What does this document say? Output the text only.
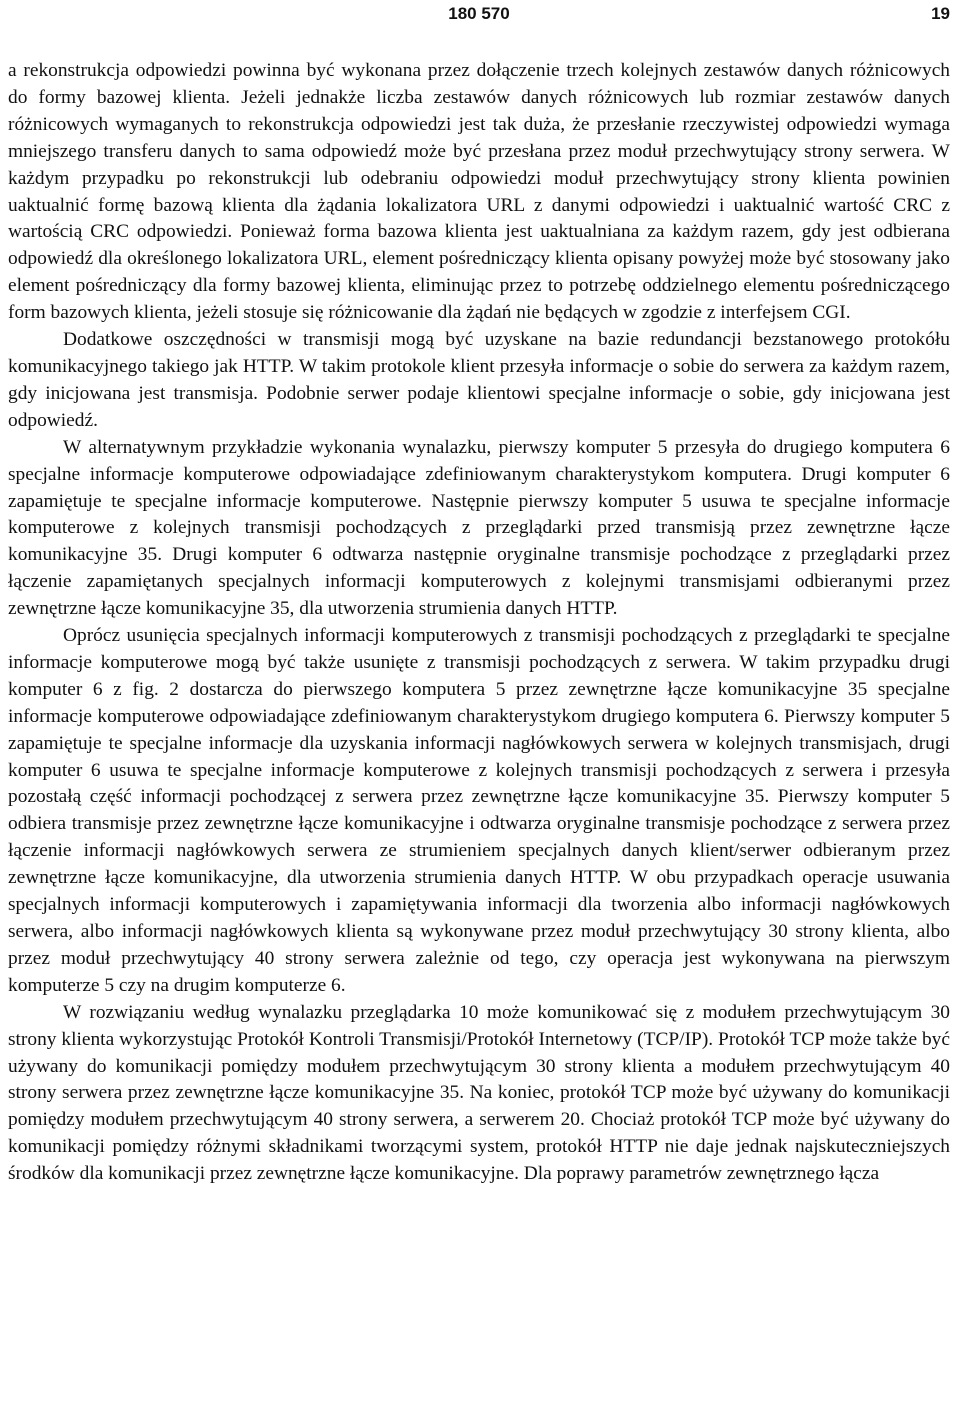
180 570	19

a rekonstrukcja odpowiedzi powinna być wykonana przez dołączenie trzech kolejnych zestawów danych różnicowych do formy bazowej klienta. Jeżeli jednakże liczba zestawów danych różnicowych lub rozmiar zestawów danych różnicowych wymaganych to rekonstrukcja odpowiedzi jest tak duża, że przesłanie rzeczywistej odpowiedzi wymaga mniejszego transferu danych to sama odpowiedź może być przesłana przez moduł przechwytujący strony serwera. W każdym przypadku po rekonstrukcji lub odebraniu odpowiedzi moduł przechwytujący strony klienta powinien uaktualnić formę bazową klienta dla żądania lokalizatora URL z danymi odpowiedzi i uaktualnić wartość CRC z wartością CRC odpowiedzi. Ponieważ forma bazowa klienta jest uaktualniana za każdym razem, gdy jest odbierana odpowiedź dla określonego lokalizatora URL, element pośredniczący klienta opisany powyżej może być stosowany jako element pośredniczący dla formy bazowej klienta, eliminując przez to potrzebę oddzielnego elementu pośredniczącego form bazowych klienta, jeżeli stosuje się różnicowanie dla żądań nie będących w zgodzie z interfejsem CGI.

Dodatkowe oszczędności w transmisji mogą być uzyskane na bazie redundancji bezstanowego protokółu komunikacyjnego takiego jak HTTP. W takim protokole klient przesyła informacje o sobie do serwera za każdym razem, gdy inicjowana jest transmisja. Podobnie serwer podaje klientowi specjalne informacje o sobie, gdy inicjowana jest odpowiedź.

W alternatywnym przykładzie wykonania wynalazku, pierwszy komputer 5 przesyła do drugiego komputera 6 specjalne informacje komputerowe odpowiadające zdefiniowanym charakterystykom komputera. Drugi komputer 6 zapamiętuje te specjalne informacje komputerowe. Następnie pierwszy komputer 5 usuwa te specjalne informacje komputerowe z kolejnych transmisji pochodzących z przeglądarki przed transmisją przez zewnętrzne łącze komunikacyjne 35. Drugi komputer 6 odtwarza następnie oryginalne transmisje pochodzące z przeglądarki przez łączenie zapamiętanych specjalnych informacji komputerowych z kolejnymi transmisjami odbieranymi przez zewnętrzne łącze komunikacyjne 35, dla utworzenia strumienia danych HTTP.

Oprócz usunięcia specjalnych informacji komputerowych z transmisji pochodzących z przeglądarki te specjalne informacje komputerowe mogą być także usunięte z transmisji pochodzących z serwera. W takim przypadku drugi komputer 6 z fig. 2 dostarcza do pierwszego komputera 5 przez zewnętrzne łącze komunikacyjne 35 specjalne informacje komputerowe odpowiadające zdefiniowanym charakterystykom drugiego komputera 6. Pierwszy komputer 5 zapamiętuje te specjalne informacje dla uzyskania informacji nagłówkowych serwera w kolejnych transmisjach, drugi komputer 6 usuwa te specjalne informacje komputerowe z kolejnych transmisji pochodzących z serwera i przesyła pozostałą część informacji pochodzącej z serwera przez zewnętrzne łącze komunikacyjne 35. Pierwszy komputer 5 odbiera transmisje przez zewnętrzne łącze komunikacyjne i odtwarza oryginalne transmisje pochodzące z serwera przez łączenie informacji nagłówkowych serwera ze strumieniem specjalnych danych klient/serwer odbieranym przez zewnętrzne łącze komunikacyjne, dla utworzenia strumienia danych HTTP. W obu przypadkach operacje usuwania specjalnych informacji komputerowych i zapamiętywania informacji dla tworzenia albo informacji nagłówkowych serwera, albo informacji nagłówkowych klienta są wykonywane przez moduł przechwytujący 30 strony klienta, albo przez moduł przechwytujący 40 strony serwera zależnie od tego, czy operacja jest wykonywana na pierwszym komputerze 5 czy na drugim komputerze 6.

W rozwiązaniu według wynalazku przeglądarka 10 może komunikować się z modułem przechwytującym 30 strony klienta wykorzystując Protokół Kontroli Transmisji/Protokół Internetowy (TCP/IP). Protokół TCP może także być używany do komunikacji pomiędzy modułem przechwytującym 30 strony klienta a modułem przechwytującym 40 strony serwera przez zewnętrzne łącze komunikacyjne 35. Na koniec, protokół TCP może być używany do komunikacji pomiędzy modułem przechwytującym 40 strony serwera, a serwerem 20. Chociaż protokół TCP może być używany do komunikacji pomiędzy różnymi składnikami tworzącymi system, protokół HTTP nie daje jednak najskuteczniejszych środków dla komunikacji przez zewnętrzne łącze komunikacyjne. Dla poprawy parametrów zewnętrznego łącza
